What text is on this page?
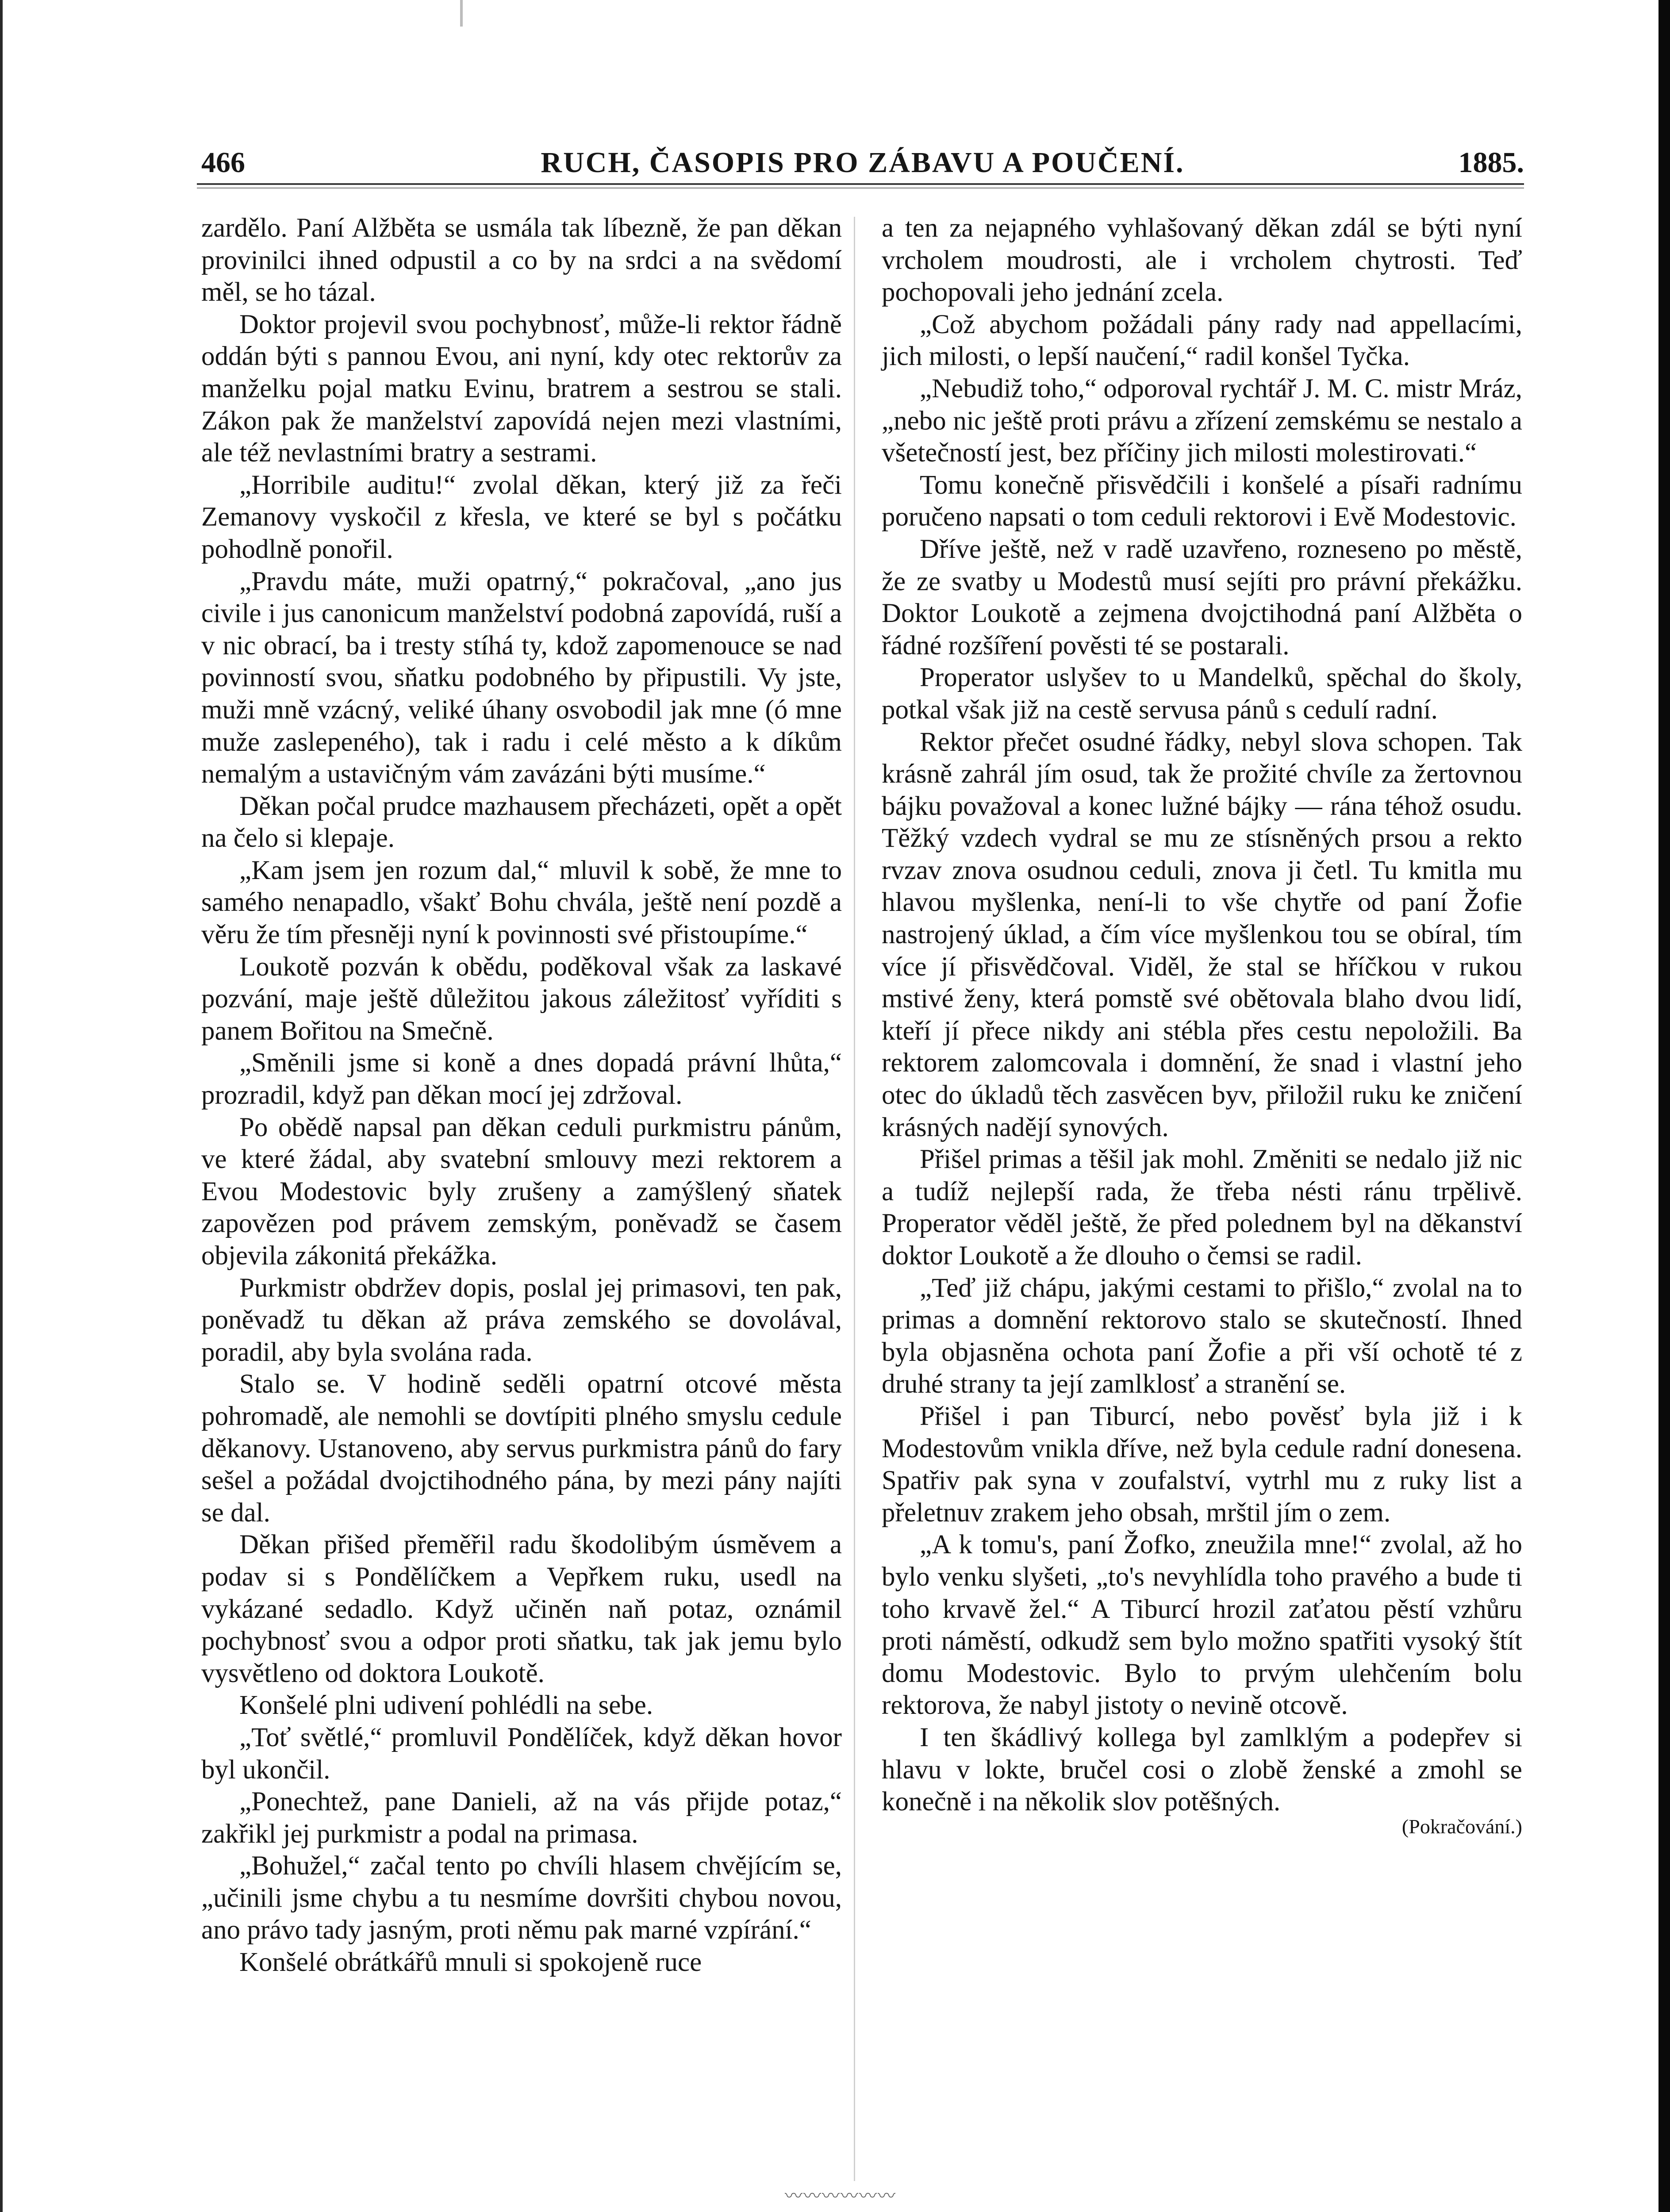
466	RUCH, ČASOPIS PRO ZÁBAVU A POUČENÍ.	1885.

zardělo. Paní Alžběta se usmála tak líbezně, že pan děkan provinilci ihned odpustil a co by na srdci a na svědomí měl, se ho tázal.

Doktor projevil svou pochybnosť, může-li rektor řádně oddán býti s pannou Evou, ani nyní, kdy otec rektorův za manželku pojal matku Evinu, bratrem a sestrou se stali. Zákon pak že manželství zapovídá nejen mezi vlastními, ale též nevlastními bratry a sestrami.

„Horribile auditu!“ zvolal děkan, který již za řeči Zemanovy vyskočil z křesla, ve které se byl s počátku pohodlně ponořil.

„Pravdu máte, muži opatrný,“ pokračoval, „ano jus civile i jus canonicum manželství podobná zapovídá, ruší a v nic obrací, ba i tresty stíhá ty, kdož zapomenouce se nad povinností svou, sňatku podobného by připustili. Vy jste, muži mně vzácný, veliké úhany osvobodil jak mne (ó mne muže zaslepeného), tak i radu i celé město a k díkům nemalým a ustavičným vám zavázáni býti musíme.“

Děkan počal prudce mazhausem přecházeti, opět a opět na čelo si klepaje.

„Kam jsem jen rozum dal,“ mluvil k sobě, že mne to samého nenapadlo, všakť Bohu chvála, ještě není pozdě a věru že tím přesněji nyní k povinnosti své přistoupíme.“

Loukotě pozván k obědu, poděkoval však za laskavé pozvání, maje ještě důležitou jakous záležitosť vyříditi s panem Bořitou na Smečně.

„Směnili jsme si koně a dnes dopadá právní lhůta,“ prozradil, když pan děkan mocí jej zdržoval.

Po obědě napsal pan děkan ceduli purkmistru pánům, ve které žádal, aby svatební smlouvy mezi rektorem a Evou Modestovic byly zrušeny a zamýšlený sňatek zapovězen pod právem zemským, poněvadž se časem objevila zákonitá překážka.

Purkmistr obdržev dopis, poslal jej primasovi, ten pak, poněvadž tu děkan až práva zemského se dovolával, poradil, aby byla svolána rada.

Stalo se. V hodině seděli opatrní otcové města pohromadě, ale nemohli se dovtípiti plného smyslu cedule děkanovy. Ustanoveno, aby servus purkmistra pánů do fary sešel a požádal dvojctihodného pána, by mezi pány najíti se dal.

Děkan přišed přeměřil radu škodolibým úsměvem a podav si s Pondělíčkem a Vepřkem ruku, usedl na vykázané sedadlo. Když učiněn naň potaz, oznámil pochybnosť svou a odpor proti sňatku, tak jak jemu bylo vysvětleno od doktora Loukotě.

Konšelé plni udivení pohlédli na sebe.

„Toť světlé,“ promluvil Pondělíček, když děkan hovor byl ukončil.

„Ponechtež, pane Danieli, až na vás přijde potaz,“ zakřikl jej purkmistr a podal na primasa.

„Bohužel,“ začal tento po chvíli hlasem chvějícím se, „učinili jsme chybu a tu nesmíme dovršiti chybou novou, ano právo tady jasným, proti němu pak marné vzpírání.“

Konšelé obrátkářů mnuli si spokojeně ruce

a ten za nejapného vyhlašovaný děkan zdál se býti nyní vrcholem moudrosti, ale i vrcholem chytrosti. Teď pochopovali jeho jednání zcela.

„Což abychom požádali pány rady nad appellacími, jich milosti, o lepší naučení,“ radil konšel Tyčka.

„Nebudiž toho,“ odporoval rychtář J. M. C. mistr Mráz, „nebo nic ještě proti právu a zřízení zemskému se nestalo a všetečností jest, bez příčiny jich milosti molestirovati.“

Tomu konečně přisvědčili i konšelé a písaři radnímu poručeno napsati o tom ceduli rektorovi i Evě Modestovic.

Dříve ještě, než v radě uzavřeno, rozneseno po městě, že ze svatby u Modestů musí sejíti pro právní překážku. Doktor Loukotě a zejmena dvojctihodná paní Alžběta o řádné rozšíření pověsti té se postarali.

Properator uslyšev to u Mandelků, spěchal do školy, potkal však již na cestě servusa pánů s cedulí radní.

Rektor přečet osudné řádky, nebyl slova schopen. Tak krásně zahrál jím osud, tak že prožité chvíle za žertovnou bájku považoval a konec lužné bájky — rána téhož osudu. Těžký vzdech vydral se mu ze stísněných prsou a rekto rvzav znova osudnou ceduli, znova ji četl. Tu kmitla mu hlavou myšlenka, není-li to vše chytře od paní Žofie nastrojený úklad, a čím více myšlenkou tou se obíral, tím více jí přisvědčoval. Viděl, že stal se hříčkou v rukou mstivé ženy, která pomstě své obětovala blaho dvou lidí, kteří jí přece nikdy ani stébla přes cestu nepoložili. Ba rektorem zalomcovala i domnění, že snad i vlastní jeho otec do úkladů těch zasvěcen byv, přiložil ruku ke zničení krásných nadějí synových.

Přišel primas a těšil jak mohl. Změniti se nedalo již nic a tudíž nejlepší rada, že třeba nésti ránu trpělivě. Properator věděl ještě, že před polednem byl na děkanství doktor Loukotě a že dlouho o čemsi se radil.

„Teď již chápu, jakými cestami to přišlo,“ zvolal na to primas a domnění rektorovo stalo se skutečností. Ihned byla objasněna ochota paní Žofie a při vší ochotě té z druhé strany ta její zamlklosť a stranění se.

Přišel i pan Tiburcí, nebo pověsť byla již i k Modestovům vnikla dříve, než byla cedule radní donesena. Spatřiv pak syna v zoufalství, vytrhl mu z ruky list a přeletnuv zrakem jeho obsah, mrštil jím o zem.

„A k tomu's, paní Žofko, zneužila mne!“ zvolal, až ho bylo venku slyšeti, „to's nevyhlídla toho pravého a bude ti toho krvavě žel.“ A Tiburcí hrozil zaťatou pěstí vzhůru proti náměstí, odkudž sem bylo možno spatřiti vysoký štít domu Modestovic. Bylo to prvým ulehčením bolu rektorova, že nabyl jistoty o nevině otcově.

I ten škádlivý kollega byl zamlklým a podepřev si hlavu v lokte, bručel cosi o zlobě ženské a zmohl se konečně i na několik slov potěšných.

(Pokračování.)
〰〰〰〰〰〰
